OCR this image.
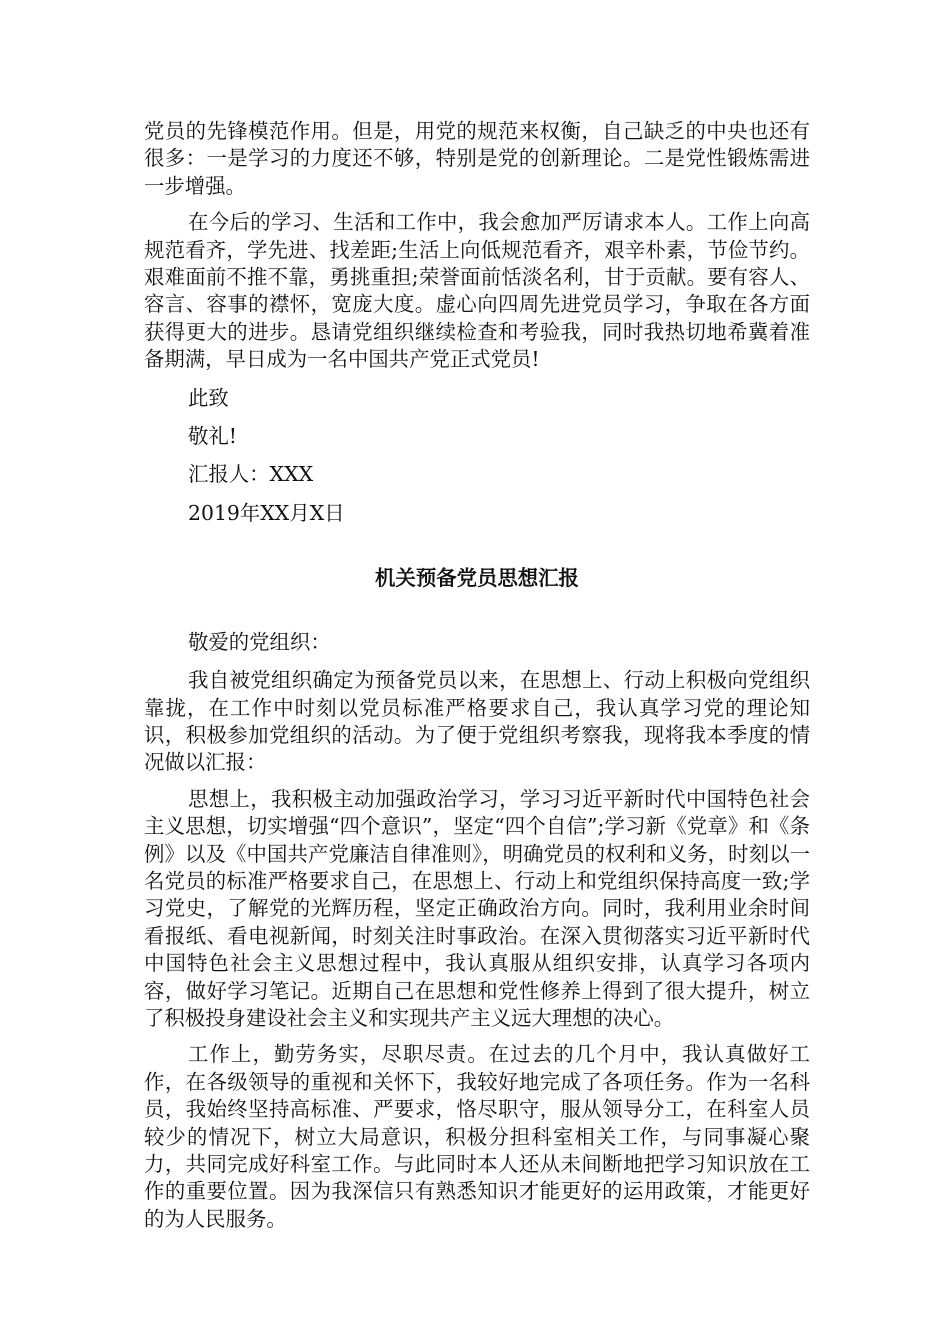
党员的先锋模范作用。但是，用党的规范来权衡，自己缺乏的中央也还有很多：一是学习的力度还不够，特别是党的创新理论。二是党性锻炼需进一步增强。

在今后的学习、生活和工作中，我会愈加严厉请求本人。工作上向高规范看齐，学先进、找差距;生活上向低规范看齐，艰辛朴素，节俭节约。艰难面前不推不靠，勇挑重担;荣誉面前恬淡名利，甘于贡献。要有容人、容言、容事的襟怀，宽庞大度。虚心向四周先进党员学习，争取在各方面获得更大的进步。恳请党组织继续检查和考验我，同时我热切地希冀着准备期满，早日成为一名中国共产党正式党员!

此致

敬礼!

汇报人：XXX

2019年XX月X日

机关预备党员思想汇报

敬爱的党组织：

我自被党组织确定为预备党员以来，在思想上、行动上积极向党组织靠拢，在工作中时刻以党员标准严格要求自己，我认真学习党的理论知识，积极参加党组织的活动。为了便于党组织考察我，现将我本季度的情况做以汇报：

思想上，我积极主动加强政治学习，学习习近平新时代中国特色社会主义思想，切实增强“四个意识”，坚定“四个自信”;学习新《党章》和《条例》以及《中国共产党廉洁自律准则》，明确党员的权利和义务，时刻以一名党员的标准严格要求自己，在思想上、行动上和党组织保持高度一致;学习党史，了解党的光辉历程，坚定正确政治方向。同时，我利用业余时间看报纸、看电视新闻，时刻关注时事政治。在深入贯彻落实习近平新时代中国特色社会主义思想过程中，我认真服从组织安排，认真学习各项内容，做好学习笔记。近期自己在思想和党性修养上得到了很大提升，树立了积极投身建设社会主义和实现共产主义远大理想的决心。

工作上，勤劳务实，尽职尽责。在过去的几个月中，我认真做好工作，在各级领导的重视和关怀下，我较好地完成了各项任务。作为一名科员，我始终坚持高标准、严要求，恪尽职守，服从领导分工，在科室人员较少的情况下，树立大局意识，积极分担科室相关工作，与同事凝心聚力，共同完成好科室工作。与此同时本人还从未间断地把学习知识放在工作的重要位置。因为我深信只有熟悉知识才能更好的运用政策，才能更好的为人民服务。
